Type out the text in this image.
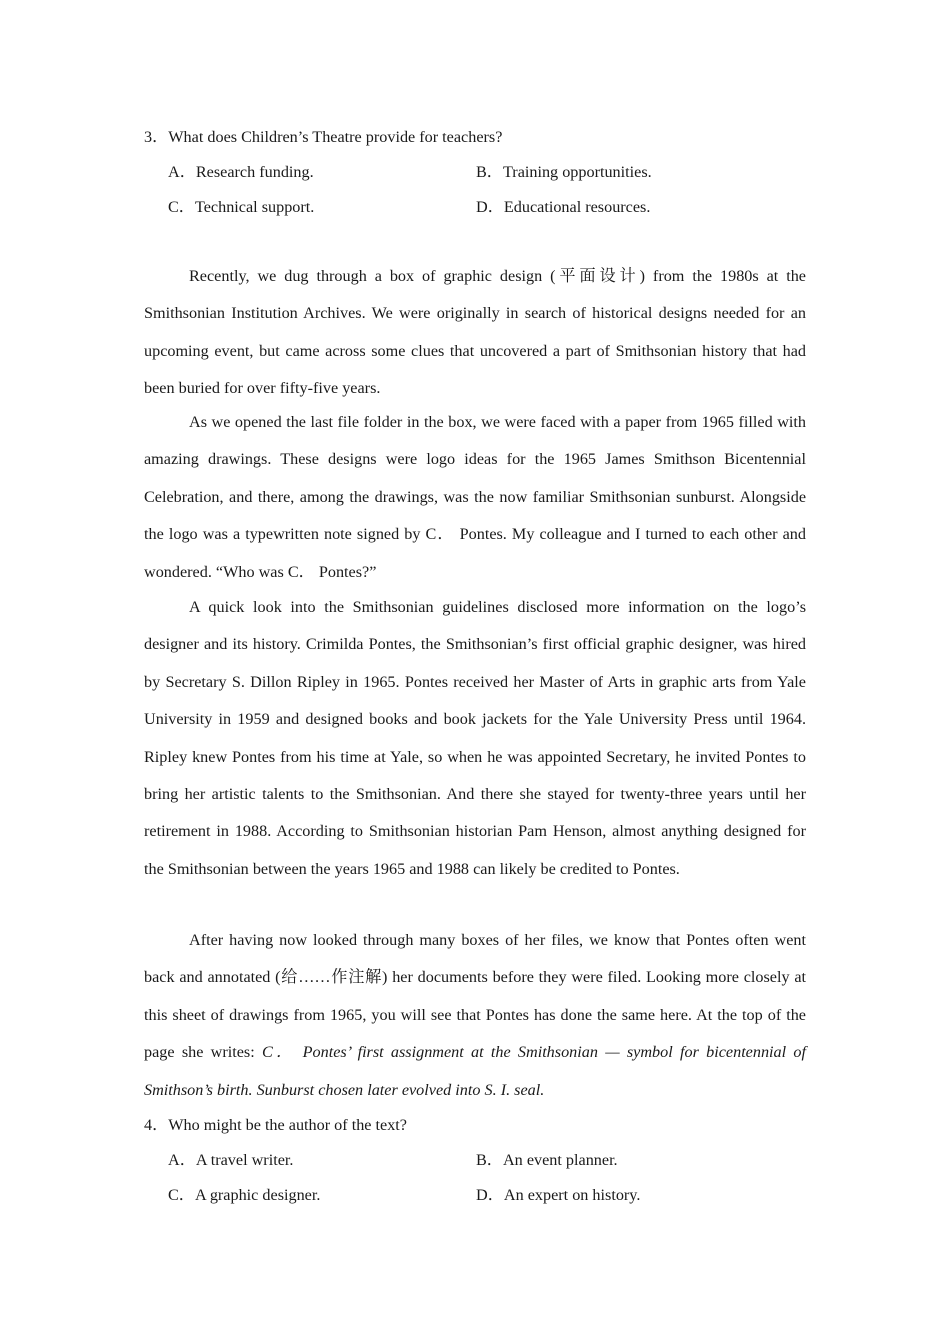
3．What does Children’s Theatre provide for teachers?
A．Research funding.	B．Training opportunities.
C．Technical support.	D．Educational resources.

Recently, we dug through a box of graphic design (平面设计) from the 1980s at the Smithsonian Institution Archives. We were originally in search of historical designs needed for an upcoming event, but came across some clues that uncovered a part of Smithsonian history that had been buried for over fifty-five years.

As we opened the last file folder in the box, we were faced with a paper from 1965 filled with amazing drawings. These designs were logo ideas for the 1965 James Smithson Bicentennial Celebration, and there, among the drawings, was the now familiar Smithsonian sunburst. Alongside the logo was a typewritten note signed by C． Pontes. My colleague and I turned to each other and wondered. “Who was C． Pontes?”

A quick look into the Smithsonian guidelines disclosed more information on the logo’s designer and its history. Crimilda Pontes, the Smithsonian’s first official graphic designer, was hired by Secretary S. Dillon Ripley in 1965. Pontes received her Master of Arts in graphic arts from Yale University in 1959 and designed books and book jackets for the Yale University Press until 1964. Ripley knew Pontes from his time at Yale, so when he was appointed Secretary, he invited Pontes to bring her artistic talents to the Smithsonian. And there she stayed for twenty-three years until her retirement in 1988. According to Smithsonian historian Pam Henson, almost anything designed for the Smithsonian between the years 1965 and 1988 can likely be credited to Pontes.

After having now looked through many boxes of her files, we know that Pontes often went back and annotated (给……作注解) her documents before they were filed. Looking more closely at this sheet of drawings from 1965, you will see that Pontes has done the same here. At the top of the page she writes: C． Pontes’ first assignment at the Smithsonian — symbol for bicentennial of Smithson’s birth. Sunburst chosen later evolved into S. I. seal.

4．Who might be the author of the text?
A．A travel writer.	B．An event planner.
C．A graphic designer.	D．An expert on history.
